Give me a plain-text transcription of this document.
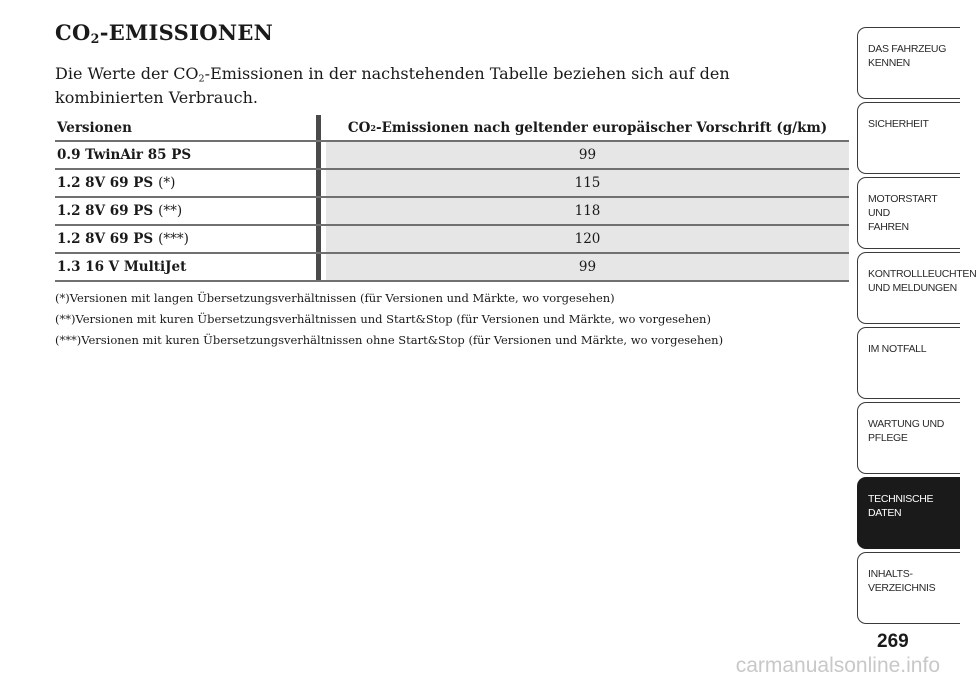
$CO_2$-EMISSIONEN

Die Werte der $CO_2$-Emissionen in der nachstehenden Tabelle beziehen sich auf den kombinierten Verbrauch.

Versionen	CO 2 -Emissionen nach geltender europäischer Vorschrift (g/km)
0.9 TwinAir 85 PS	99
1.2 8V 69 PS (*)	115
1.2 8V 69 PS (**)	118
1.2 8V 69 PS (***)	120
1.3 16 V MultiJet	99

(*)Versionen mit langen Übersetzungsverhältnissen (für Versionen und Märkte, wo vorgesehen)

(**)Versionen mit kuren Übersetzungsverhältnissen und Start&Stop (für Versionen und Märkte, wo vorgesehen)

(***)Versionen mit kuren Übersetzungsverhältnissen ohne Start&Stop (für Versionen und Märkte, wo vorgesehen)

DAS FAHRZEUG
KENNEN
SICHERHEIT
MOTORSTART UND
FAHREN
KONTROLLLEUCHTEN
UND MELDUNGEN
IM NOTFALL
WARTUNG UND
PFLEGE
TECHNISCHE
DATEN
INHALTS-
VERZEICHNIS
269
carmanualsonline.info
